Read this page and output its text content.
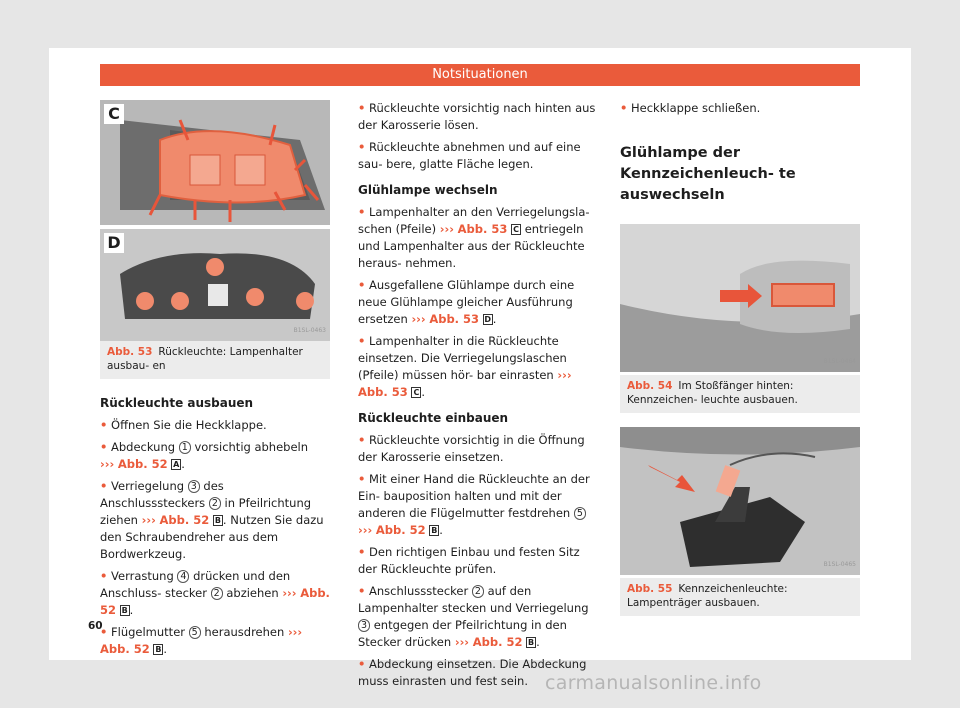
Notsituationen
C
D
B1SL-0463
Abb. 53 Rückleuchte: Lampenhalter ausbau- en
Rückleuchte ausbauen

• Öffnen Sie die Heckklappe.

• Abdeckung 1 vorsichtig abhebeln
››› Abb. 52 A .

• Verriegelung 3 des Anschlusssteckers 2 in Pfeilrichtung ziehen ››› Abb. 52 B . Nutzen Sie dazu den Schraubendreher aus dem Bordwerkzeug.

• Verrastung 4 drücken und den Anschluss- stecker 2 abziehen ››› Abb. 52 B .

• Flügelmutter 5 herausdrehen ››› Abb. 52 B .

• Rückleuchte vorsichtig nach hinten aus der Karosserie lösen.

• Rückleuchte abnehmen und auf eine sau- bere, glatte Fläche legen.

Glühlampe wechseln

• Lampenhalter an den Verriegelungsla- schen (Pfeile) ››› Abb. 53 C entriegeln und Lampenhalter aus der Rückleuchte heraus- nehmen.

• Ausgefallene Glühlampe durch eine neue Glühlampe gleicher Ausführung ersetzen ››› Abb. 53 D .

• Lampenhalter in die Rückleuchte einsetzen. Die Verriegelungslaschen (Pfeile) müssen hör- bar einrasten ››› Abb. 53 C .

Rückleuchte einbauen

• Rückleuchte vorsichtig in die Öffnung der Karosserie einsetzen.

• Mit einer Hand die Rückleuchte an der Ein- bauposition halten und mit der anderen die Flügelmutter festdrehen 5 ››› Abb. 52 B .

• Den richtigen Einbau und festen Sitz der Rückleuchte prüfen.

• Anschlussstecker 2 auf den Lampenhalter stecken und Verriegelung 3 entgegen der Pfeilrichtung in den Stecker drücken ››› Abb. 52 B .

• Abdeckung einsetzen. Die Abdeckung muss einrasten und fest sein.

• Heckklappe schließen.

Glühlampe der Kennzeichenleuch- te auswechseln
B1SL-0464
Abb. 54 Im Stoßfänger hinten: Kennzeichen- leuchte ausbauen.
B1SL-0465
Abb. 55 Kennzeichenleuchte: Lampenträger ausbauen.
60
carmanualsonline.info
